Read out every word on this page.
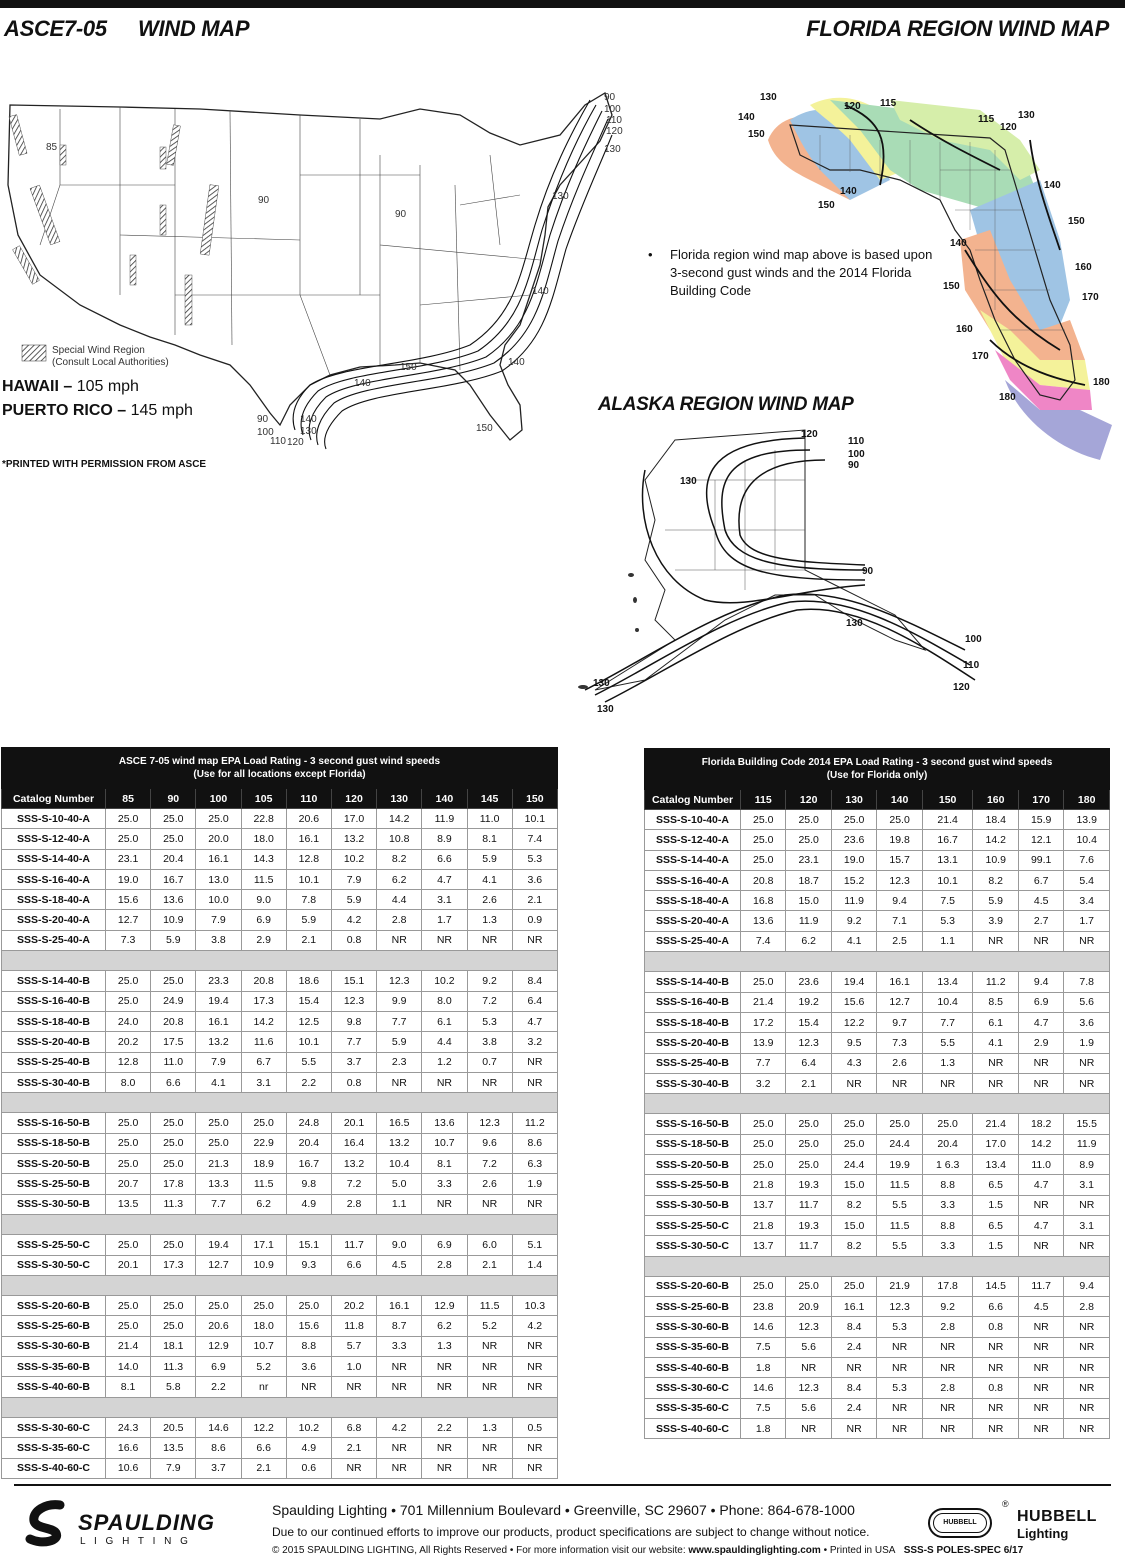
ASCE7-05 WIND MAP	FLORIDA REGION WIND MAP
85
90
90
90
100
110
120
130
130
140
140
140
150
150
90
100
110 120
140
130
Special Wind Region
(Consult Local Authorities)
HAWAII – 105 mph
PUERTO RICO – 145 mph
*PRINTED WITH PERMISSION FROM ASCE
130
120 115
140
150
115 130
120
140
150
140
150
140
150
160
170
160
170
180
180
•	Florida region wind map above is based upon 3-second gust winds and the 2014 Florida Building Code
ALASKA REGION WIND MAP
120
110
100
90
130
90
130
100
110
120
130
130
ASCE 7-05 wind map EPA Load Rating - 3 second gust wind speeds
(Use for all locations except Florida)										

Catalog Number	85	90	100	105	110	120	130	140	145	150
SSS-S-10-40-A	25.0	25.0	25.0	22.8	20.6	17.0	14.2	11.9	11.0	10.1
SSS-S-12-40-A	25.0	25.0	20.0	18.0	16.1	13.2	10.8	8.9	8.1	7.4
SSS-S-14-40-A	23.1	20.4	16.1	14.3	12.8	10.2	8.2	6.6	5.9	5.3
SSS-S-16-40-A	19.0	16.7	13.0	11.5	10.1	7.9	6.2	4.7	4.1	3.6
SSS-S-18-40-A	15.6	13.6	10.0	9.0	7.8	5.9	4.4	3.1	2.6	2.1
SSS-S-20-40-A	12.7	10.9	7.9	6.9	5.9	4.2	2.8	1.7	1.3	0.9
SSS-S-25-40-A	7.3	5.9	3.8	2.9	2.1	0.8	NR	NR	NR	NR

SSS-S-14-40-B	25.0	25.0	23.3	20.8	18.6	15.1	12.3	10.2	9.2	8.4
SSS-S-16-40-B	25.0	24.9	19.4	17.3	15.4	12.3	9.9	8.0	7.2	6.4
SSS-S-18-40-B	24.0	20.8	16.1	14.2	12.5	9.8	7.7	6.1	5.3	4.7
SSS-S-20-40-B	20.2	17.5	13.2	11.6	10.1	7.7	5.9	4.4	3.8	3.2
SSS-S-25-40-B	12.8	11.0	7.9	6.7	5.5	3.7	2.3	1.2	0.7	NR
SSS-S-30-40-B	8.0	6.6	4.1	3.1	2.2	0.8	NR	NR	NR	NR

SSS-S-16-50-B	25.0	25.0	25.0	25.0	24.8	20.1	16.5	13.6	12.3	11.2
SSS-S-18-50-B	25.0	25.0	25.0	22.9	20.4	16.4	13.2	10.7	9.6	8.6
SSS-S-20-50-B	25.0	25.0	21.3	18.9	16.7	13.2	10.4	8.1	7.2	6.3
SSS-S-25-50-B	20.7	17.8	13.3	11.5	9.8	7.2	5.0	3.3	2.6	1.9
SSS-S-30-50-B	13.5	11.3	7.7	6.2	4.9	2.8	1.1	NR	NR	NR

SSS-S-25-50-C	25.0	25.0	19.4	17.1	15.1	11.7	9.0	6.9	6.0	5.1
SSS-S-30-50-C	20.1	17.3	12.7	10.9	9.3	6.6	4.5	2.8	2.1	1.4

SSS-S-20-60-B	25.0	25.0	25.0	25.0	25.0	20.2	16.1	12.9	11.5	10.3
SSS-S-25-60-B	25.0	25.0	20.6	18.0	15.6	11.8	8.7	6.2	5.2	4.2
SSS-S-30-60-B	21.4	18.1	12.9	10.7	8.8	5.7	3.3	1.3	NR	NR
SSS-S-35-60-B	14.0	11.3	6.9	5.2	3.6	1.0	NR	NR	NR	NR
SSS-S-40-60-B	8.1	5.8	2.2	nr	NR	NR	NR	NR	NR	NR

SSS-S-30-60-C	24.3	20.5	14.6	12.2	10.2	6.8	4.2	2.2	1.3	0.5
SSS-S-35-60-C	16.6	13.5	8.6	6.6	4.9	2.1	NR	NR	NR	NR
SSS-S-40-60-C	10.6	7.9	3.7	2.1	0.6	NR	NR	NR	NR	NR
Florida Building Code 2014 EPA Load Rating - 3 second gust wind speeds
(Use for Florida only)								

Catalog Number	115	120	130	140	150	160	170	180
SSS-S-10-40-A	25.0	25.0	25.0	25.0	21.4	18.4	15.9	13.9
SSS-S-12-40-A	25.0	25.0	23.6	19.8	16.7	14.2	12.1	10.4
SSS-S-14-40-A	25.0	23.1	19.0	15.7	13.1	10.9	99.1	7.6
SSS-S-16-40-A	20.8	18.7	15.2	12.3	10.1	8.2	6.7	5.4
SSS-S-18-40-A	16.8	15.0	11.9	9.4	7.5	5.9	4.5	3.4
SSS-S-20-40-A	13.6	11.9	9.2	7.1	5.3	3.9	2.7	1.7
SSS-S-25-40-A	7.4	6.2	4.1	2.5	1.1	NR	NR	NR

SSS-S-14-40-B	25.0	23.6	19.4	16.1	13.4	11.2	9.4	7.8
SSS-S-16-40-B	21.4	19.2	15.6	12.7	10.4	8.5	6.9	5.6
SSS-S-18-40-B	17.2	15.4	12.2	9.7	7.7	6.1	4.7	3.6
SSS-S-20-40-B	13.9	12.3	9.5	7.3	5.5	4.1	2.9	1.9
SSS-S-25-40-B	7.7	6.4	4.3	2.6	1.3	NR	NR	NR
SSS-S-30-40-B	3.2	2.1	NR	NR	NR	NR	NR	NR

SSS-S-16-50-B	25.0	25.0	25.0	25.0	25.0	21.4	18.2	15.5
SSS-S-18-50-B	25.0	25.0	25.0	24.4	20.4	17.0	14.2	11.9
SSS-S-20-50-B	25.0	25.0	24.4	19.9	1 6.3	13.4	11.0	8.9
SSS-S-25-50-B	21.8	19.3	15.0	11.5	8.8	6.5	4.7	3.1
SSS-S-30-50-B	13.7	11.7	8.2	5.5	3.3	1.5	NR	NR
SSS-S-25-50-C	21.8	19.3	15.0	11.5	8.8	6.5	4.7	3.1
SSS-S-30-50-C	13.7	11.7	8.2	5.5	3.3	1.5	NR	NR

SSS-S-20-60-B	25.0	25.0	25.0	21.9	17.8	14.5	11.7	9.4
SSS-S-25-60-B	23.8	20.9	16.1	12.3	9.2	6.6	4.5	2.8
SSS-S-30-60-B	14.6	12.3	8.4	5.3	2.8	0.8	NR	NR
SSS-S-35-60-B	7.5	5.6	2.4	NR	NR	NR	NR	NR
SSS-S-40-60-B	1.8	NR	NR	NR	NR	NR	NR	NR
SSS-S-30-60-C	14.6	12.3	8.4	5.3	2.8	0.8	NR	NR
SSS-S-35-60-C	7.5	5.6	2.4	NR	NR	NR	NR	NR
SSS-S-40-60-C	1.8	NR	NR	NR	NR	NR	NR	NR
SPAULDING
L I G H T I N G
Spaulding Lighting • 701 Millennium Boulevard • Greenville, SC 29607 • Phone: 864-678-1000
Due to our continued efforts to improve our products, product specifications are subject to change without notice.
© 2015 SPAULDING LIGHTING, All Rights Reserved • For more information visit our website: www.spauldinglighting.com • Printed in USA SSS-S POLES-SPEC 6/17
HUBBELL
®
HUBBELL
Lighting
